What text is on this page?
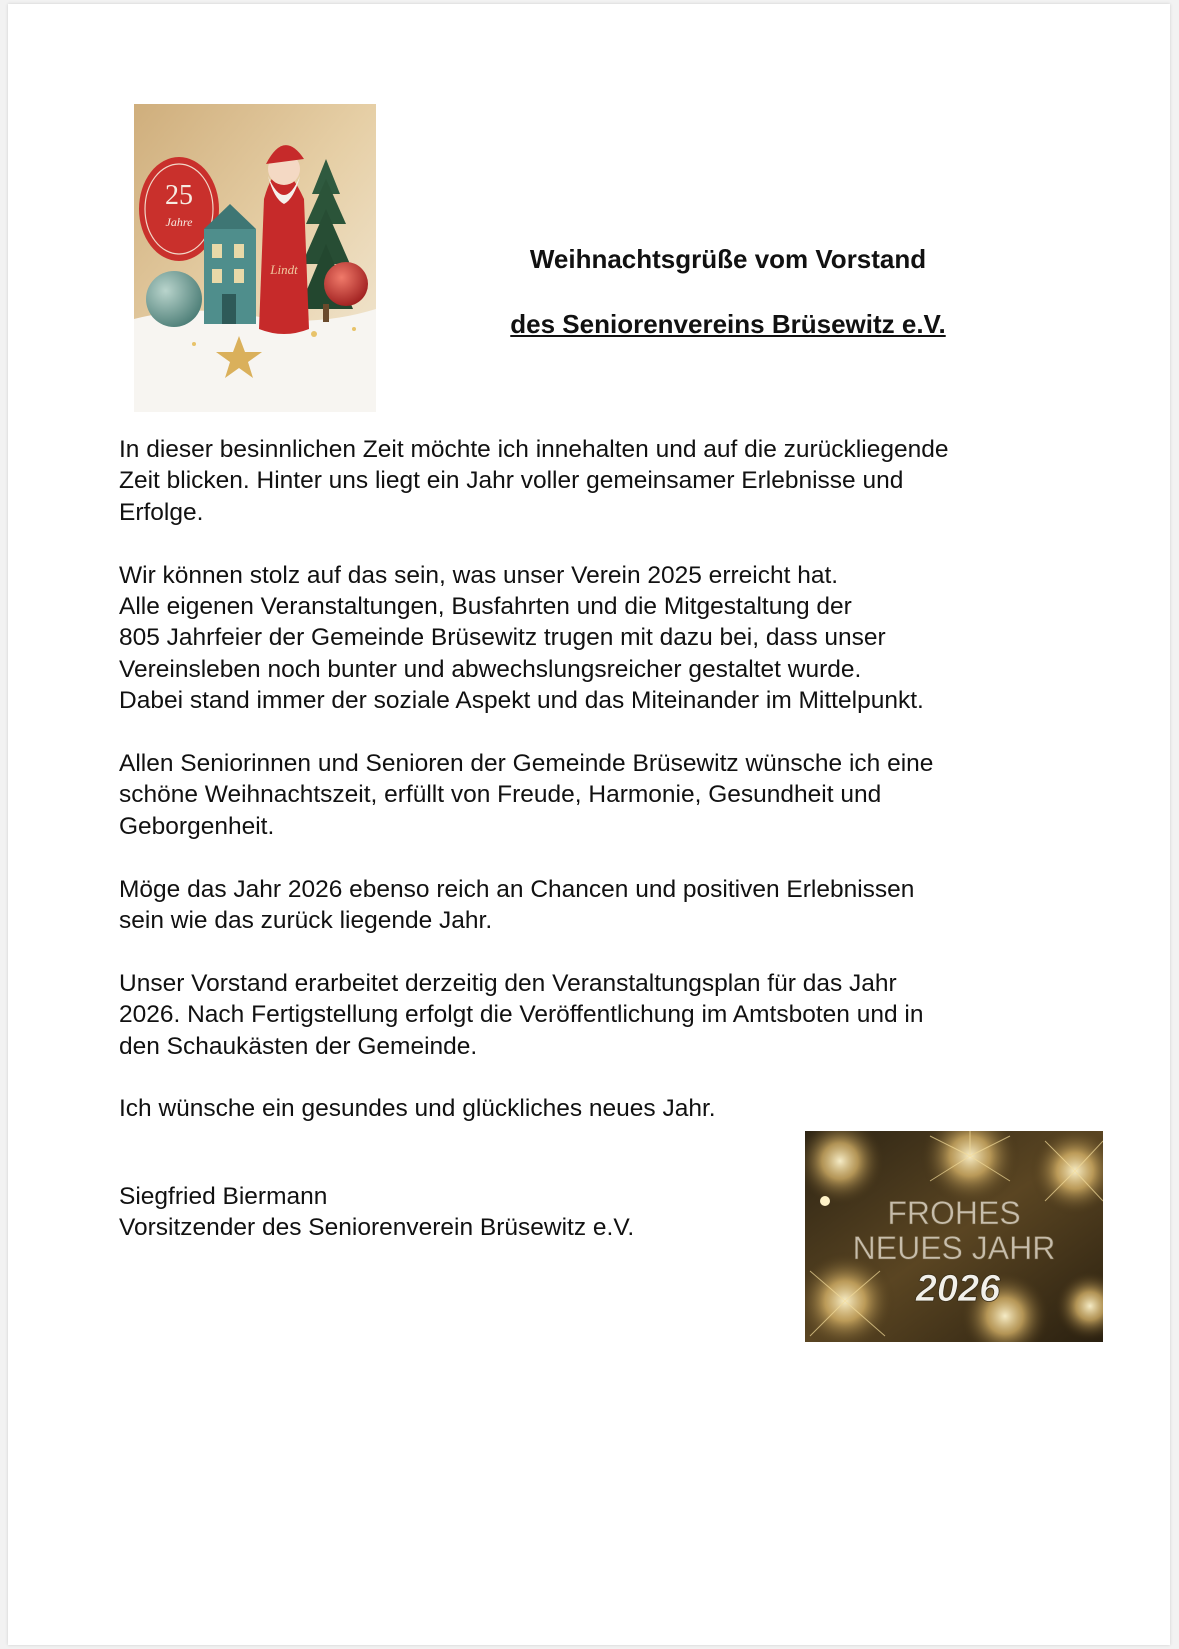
25
Jahre
Lindt	Weihnachtsgrüße vom Vorstand
des Seniorenvereins Brüsewitz e.V.

In dieser besinnlichen Zeit möchte ich innehalten und auf die zurückliegende
Zeit blicken. Hinter uns liegt ein Jahr voller gemeinsamer Erlebnisse und
Erfolge.

Wir können stolz auf das sein, was unser Verein 2025 erreicht hat.
Alle eigenen Veranstaltungen, Busfahrten und die Mitgestaltung der
805 Jahrfeier der Gemeinde Brüsewitz trugen mit dazu bei, dass unser
Vereinsleben noch bunter und abwechslungsreicher gestaltet wurde.
Dabei stand immer der soziale Aspekt und das Miteinander im Mittelpunkt.

Allen Seniorinnen und Senioren der Gemeinde Brüsewitz wünsche ich eine
schöne Weihnachtszeit, erfüllt von Freude, Harmonie, Gesundheit und
Geborgenheit.

Möge das Jahr 2026 ebenso reich an Chancen und positiven Erlebnissen
sein wie das zurück liegende Jahr.

Unser Vorstand erarbeitet derzeitig den Veranstaltungsplan für das Jahr
2026. Nach Fertigstellung erfolgt die Veröffentlichung im Amtsboten und in
den Schaukästen der Gemeinde.

Ich wünsche ein gesundes und glückliches neues Jahr.

Siegfried Biermann
Vorsitzender des Seniorenverein Brüsewitz e.V.	FROHES
NEUES JAHR
2026
